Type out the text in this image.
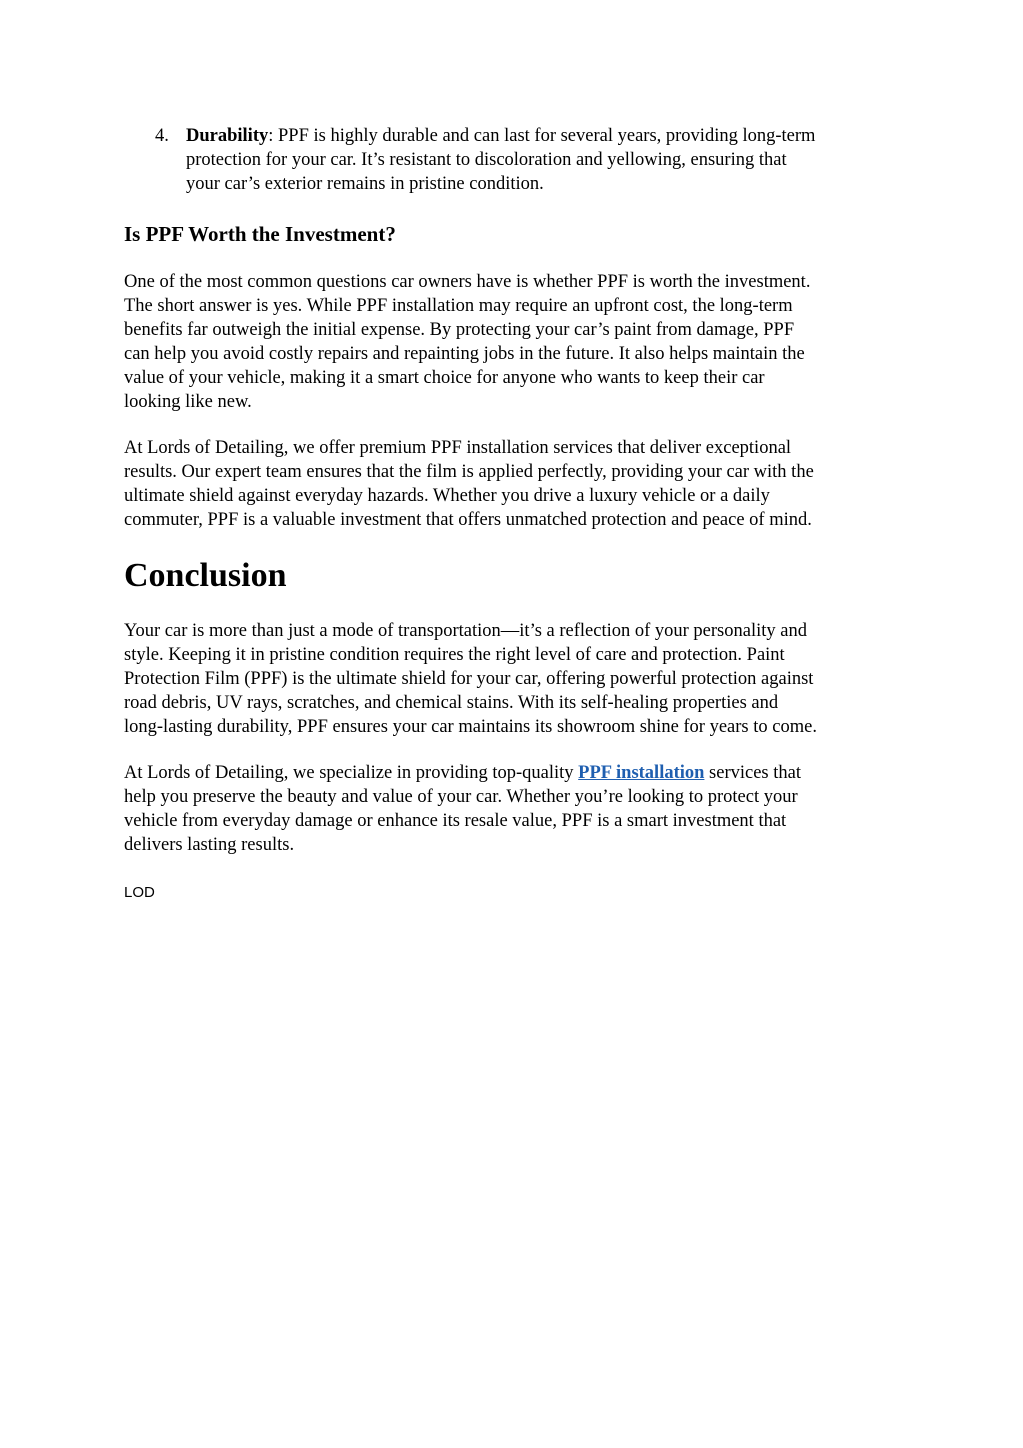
4. Durability: PPF is highly durable and can last for several years, providing long-term
protection for your car. It’s resistant to discoloration and yellowing, ensuring that
your car’s exterior remains in pristine condition.
Is PPF Worth the Investment?
One of the most common questions car owners have is whether PPF is worth the investment.
The short answer is yes. While PPF installation may require an upfront cost, the long-term
benefits far outweigh the initial expense. By protecting your car’s paint from damage, PPF
can help you avoid costly repairs and repainting jobs in the future. It also helps maintain the
value of your vehicle, making it a smart choice for anyone who wants to keep their car
looking like new.
At Lords of Detailing, we offer premium PPF installation services that deliver exceptional
results. Our expert team ensures that the film is applied perfectly, providing your car with the
ultimate shield against everyday hazards. Whether you drive a luxury vehicle or a daily
commuter, PPF is a valuable investment that offers unmatched protection and peace of mind.
Conclusion
Your car is more than just a mode of transportation—it’s a reflection of your personality and
style. Keeping it in pristine condition requires the right level of care and protection. Paint
Protection Film (PPF) is the ultimate shield for your car, offering powerful protection against
road debris, UV rays, scratches, and chemical stains. With its self-healing properties and
long-lasting durability, PPF ensures your car maintains its showroom shine for years to come.
At Lords of Detailing, we specialize in providing top-quality PPF installation services that
help you preserve the beauty and value of your car. Whether you’re looking to protect your
vehicle from everyday damage or enhance its resale value, PPF is a smart investment that
delivers lasting results.
LOD
